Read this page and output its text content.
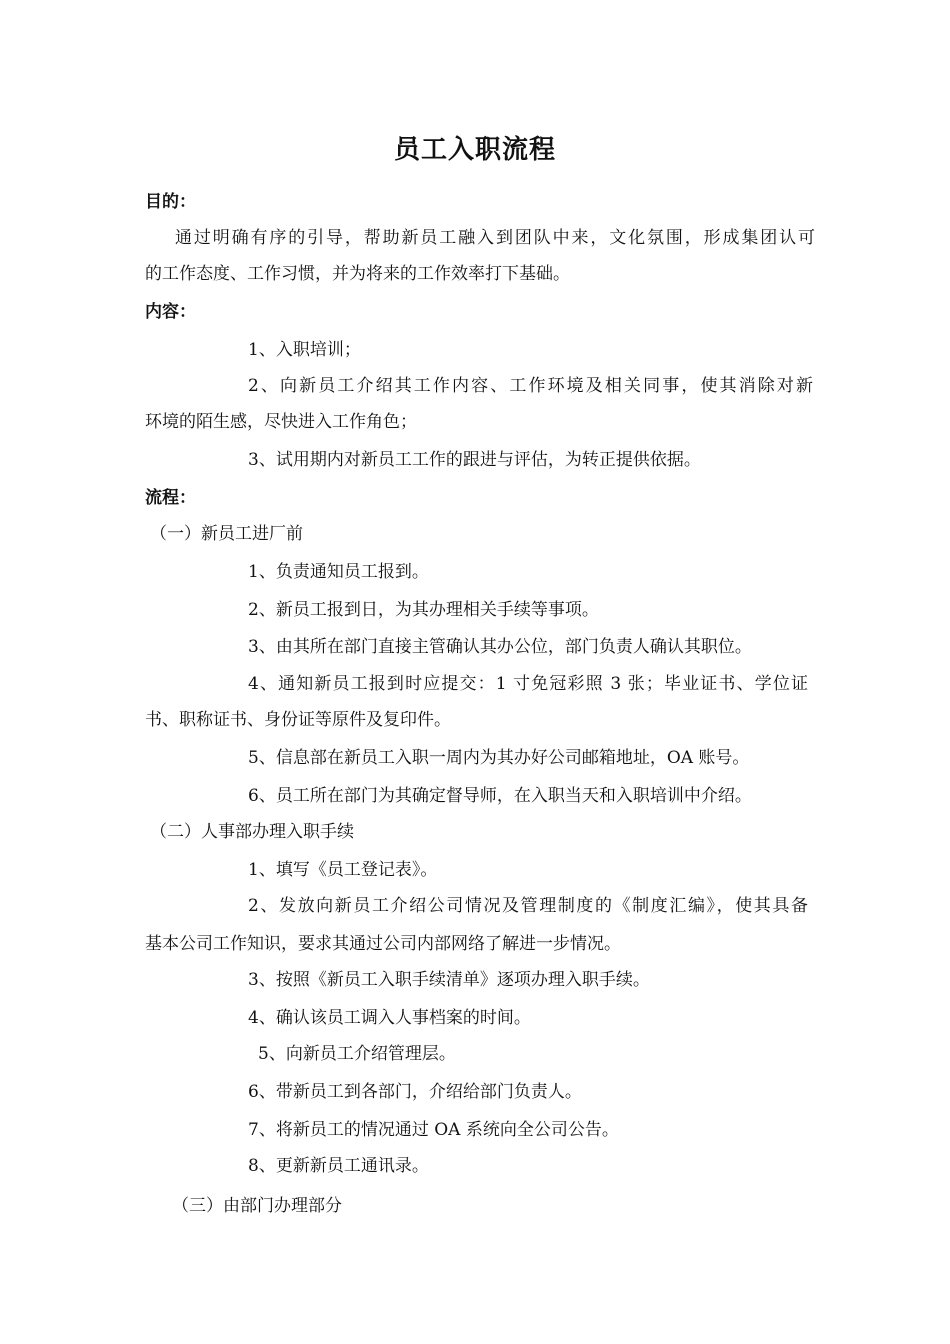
员工入职流程

目的：

通过明确有序的引导，帮助新员工融入到团队中来，文化氛围，形成集团认可

的工作态度、工作习惯，并为将来的工作效率打下基础。

内容：

1、入职培训；

2、向新员工介绍其工作内容、工作环境及相关同事，使其消除对新

环境的陌生感，尽快进入工作角色；

3、试用期内对新员工工作的跟进与评估，为转正提供依据。

流程：

（一）新员工进厂前

1、负责通知员工报到。

2、新员工报到日，为其办理相关手续等事项。

3、由其所在部门直接主管确认其办公位，部门负责人确认其职位。

4、通知新员工报到时应提交：1 寸免冠彩照 3 张；毕业证书、学位证

书、职称证书、身份证等原件及复印件。

5、信息部在新员工入职一周内为其办好公司邮箱地址，OA 账号。

6、员工所在部门为其确定督导师，在入职当天和入职培训中介绍。

（二）人事部办理入职手续

1、填写《员工登记表》。

2、发放向新员工介绍公司情况及管理制度的《制度汇编》，使其具备

基本公司工作知识，要求其通过公司内部网络了解进一步情况。

3、按照《新员工入职手续清单》逐项办理入职手续。

4、确认该员工调入人事档案的时间。

5、向新员工介绍管理层。

6、带新员工到各部门，介绍给部门负责人。

7、将新员工的情况通过 OA 系统向全公司公告。

8、更新新员工通讯录。

（三）由部门办理部分
